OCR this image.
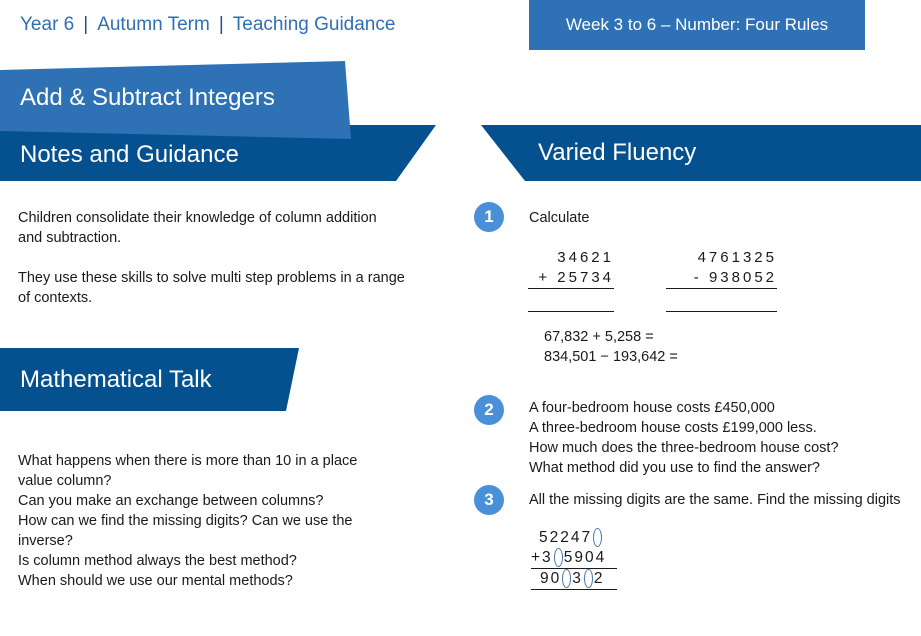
Year 6 | Autumn Term | Teaching Guidance	Week 3 to 6 – Number: Four Rules
Add & Subtract Integers
Notes and Guidance	Varied Fluency
Mathematical Talk
Children consolidate their knowledge of column addition
and subtraction.
They use these skills to solve multi step problems in a range
of contexts.
What happens when there is more than 10 in a place
value column?
Can you make an exchange between columns?
How can we find the missing digits? Can we use the
inverse?
Is column method always the best method?
When should we use our mental methods?
1 Calculate
34621
+ 25734
4761325
- 938052
67,832 + 5,258 =
834,501 − 193,642 =
2 A four-bedroom house costs £450,000
A three-bedroom house costs £199,000 less.
How much does the three-bedroom house cost?
What method did you use to find the answer?
3 All the missing digits are the same. Find the missing digits
52247
+3 5904
90 3 2
